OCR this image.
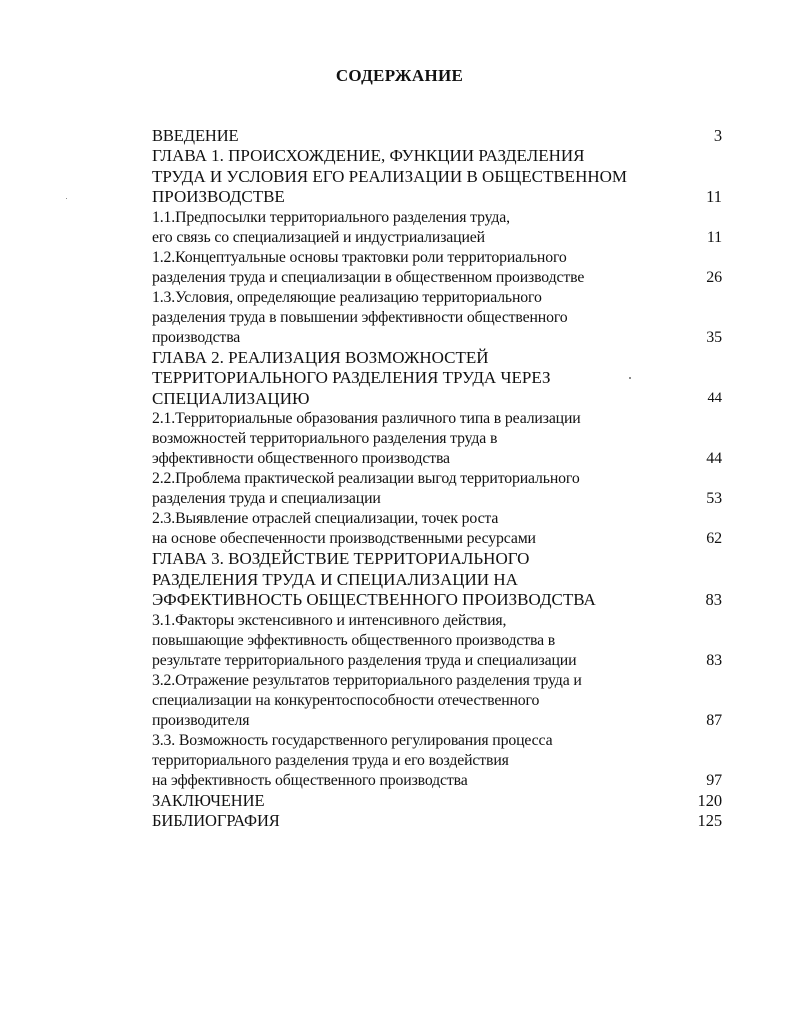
СОДЕРЖАНИЕ
ВВЕДЕНИЕ	3
ГЛАВА 1. ПРОИСХОЖДЕНИЕ, ФУНКЦИИ РАЗДЕЛЕНИЯ
ТРУДА И УСЛОВИЯ ЕГО РЕАЛИЗАЦИИ В ОБЩЕСТВЕННОМ
ПРОИЗВОДСТВЕ	11
1.1.Предпосылки территориального разделения труда,
его связь со специализацией и индустриализацией	11
1.2.Концептуальные основы трактовки роли территориального
разделения труда и специализации в общественном производстве	26
1.3.Условия, определяющие реализацию территориального
разделения труда в повышении эффективности общественного
производства	35
ГЛАВА 2. РЕАЛИЗАЦИЯ ВОЗМОЖНОСТЕЙ
ТЕРРИТОРИАЛЬНОГО РАЗДЕЛЕНИЯ ТРУДА ЧЕРЕЗ
СПЕЦИАЛИЗАЦИЮ	44
2.1.Территориальные образования различного типа в реализации
возможностей территориального разделения труда в
эффективности общественного производства	44
2.2.Проблема практической реализации выгод территориального
разделения труда и специализации	53
2.3.Выявление отраслей специализации, точек роста
на основе обеспеченности производственными ресурсами	62
ГЛАВА 3. ВОЗДЕЙСТВИЕ ТЕРРИТОРИАЛЬНОГО
РАЗДЕЛЕНИЯ ТРУДА И СПЕЦИАЛИЗАЦИИ НА
ЭФФЕКТИВНОСТЬ ОБЩЕСТВЕННОГО ПРОИЗВОДСТВА	83
3.1.Факторы экстенсивного и интенсивного действия,
повышающие эффективность общественного производства в
результате территориального разделения труда и специализации	83
3.2.Отражение результатов территориального разделения труда и
специализации на конкурентоспособности отечественного
производителя	87
3.3. Возможность государственного регулирования процесса
территориального разделения труда и его воздействия
на эффективность общественного производства	97
ЗАКЛЮЧЕНИЕ	120
БИБЛИОГРАФИЯ	125
